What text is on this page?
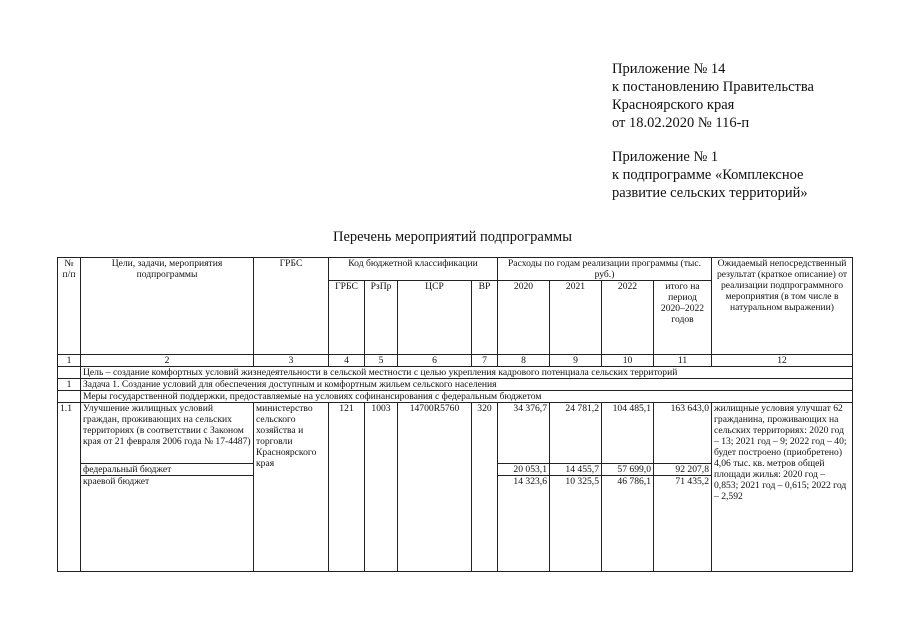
Приложение № 14
к постановлению Правительства
Красноярского края
от 18.02.2020 № 116-п
Приложение № 1
к подпрограмме «Комплексное
развитие сельских территорий»
Перечень мероприятий подпрограммы
№ п/п	Цели, задачи, мероприятия подпрограммы	ГРБС	Код бюджетной классификации				Расходы по годам реализации программы (тыс. руб.)				Ожидаемый непосредственный результат (краткое описание) от реализации подпрограммного мероприятия (в том числе в натуральном выражении)
			ГРБС	РзПр	ЦСР	ВР	2020	2021	2022	итого на период 2020–2022 годов	
1	2	3	4	5	6	7	8	9	10	11	12
	Цель – создание комфортных условий жизнедеятельности в сельской местности с целью укрепления кадрового потенциала сельских территорий										
1	Задача 1. Создание условий для обеспечения доступным и комфортным жильем сельского населения										
	Меры государственной поддержки, предоставляемые на условиях софинансирования с федеральным бюджетом										
1.1	Улучшение жилищных условий граждан, проживающих на сельских территориях (в соответствии с Законом края от 21 февраля 2006 года № 17-4487)	министерство сельского хозяйства и торговли Красноярского края	121	1003	14700R5760	320	34 376,7	24 781,2	104 485,1	163 643,0	жилищные условия улучшат 62 гражданина, проживающих на сельских территориях: 2020 год – 13; 2021 год – 9; 2022 год – 40; будет построено (приобретено) 4,06 тыс. кв. метров общей площади жилья: 2020 год – 0,853; 2021 год – 0,615; 2022 год – 2,592
	федеральный бюджет						20 053,1	14 455,7	57 699,0	92 207,8	
	краевой бюджет						14 323,6	10 325,5	46 786,1	71 435,2	
